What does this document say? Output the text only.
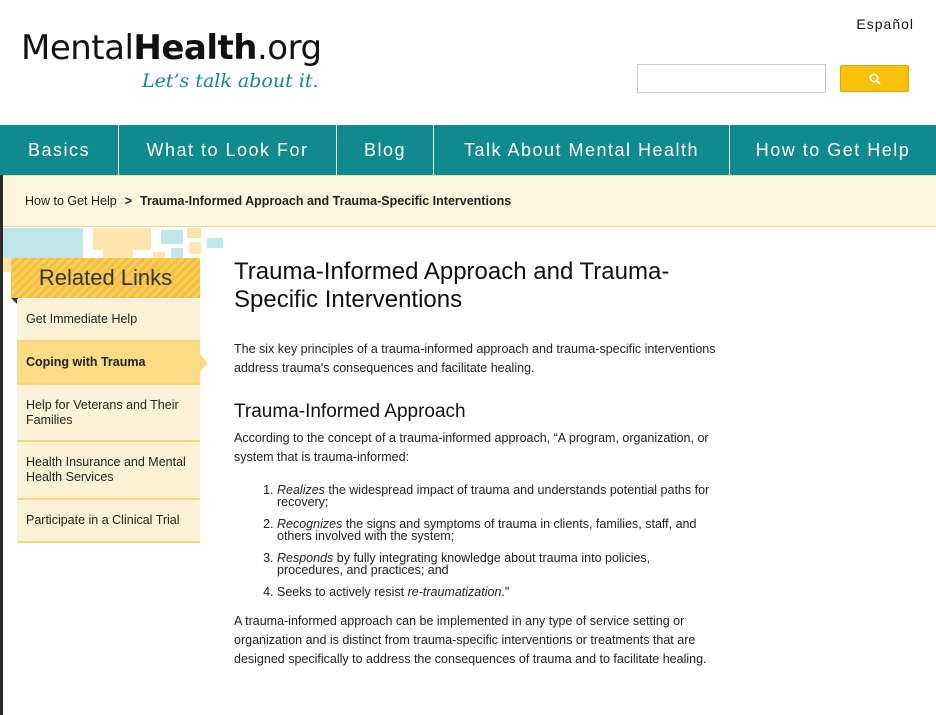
MentalHealth.org
Let’s talk about it.
Español
Basics	What to Look For	Blog	Talk About Mental Health	How to Get Help
How to Get Help > Trauma-Informed Approach and Trauma-Specific Interventions
Related Links
Get Immediate Help
Coping with Trauma
Help for Veterans and Their Families
Health Insurance and Mental Health Services
Participate in a Clinical Trial
Trauma-Informed Approach and Trauma-Specific Interventions

The six key principles of a trauma-informed approach and trauma-specific interventions address trauma's consequences and facilitate healing.

Trauma-Informed Approach

According to the concept of a trauma-informed approach, “A program, organization, or system that is trauma-informed:

1. Realizes the widespread impact of trauma and understands potential paths for recovery;
2. Recognizes the signs and symptoms of trauma in clients, families, staff, and others involved with the system;
3. Responds by fully integrating knowledge about trauma into policies, procedures, and practices; and
4. Seeks to actively resist re-traumatization."

A trauma-informed approach can be implemented in any type of service setting or organization and is distinct from trauma-specific interventions or treatments that are designed specifically to address the consequences of trauma and to facilitate healing.
